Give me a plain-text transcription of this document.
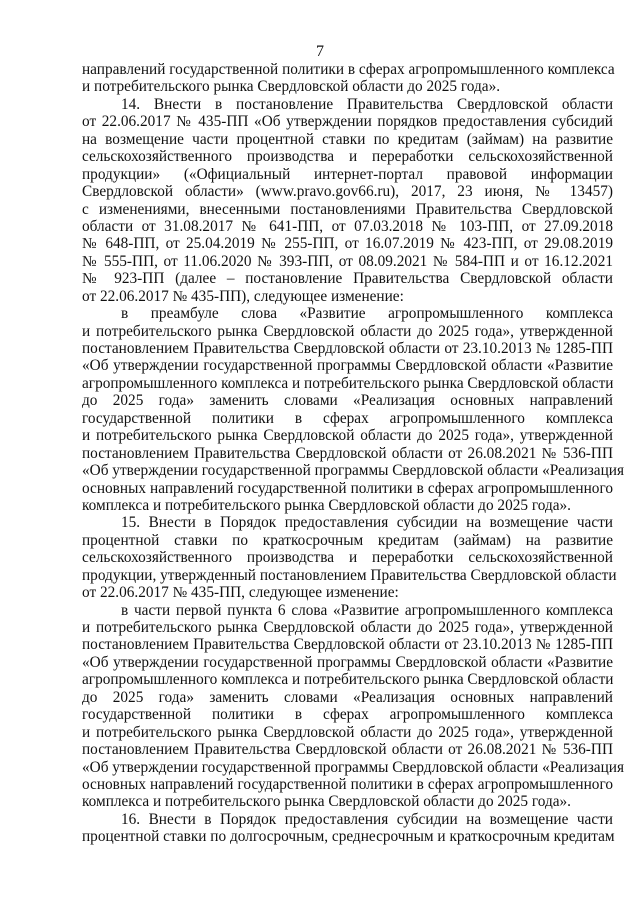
7
направлений государственной политики в сферах агропромышленного комплекса
и потребительского рынка Свердловской области до 2025 года».
14. Внести в постановление Правительства Свердловской области
от 22.06.2017 № 435-ПП «Об утверждении порядков предоставления субсидий
на возмещение части процентной ставки по кредитам (займам) на развитие
сельскохозяйственного производства и переработки сельскохозяйственной
продукции» («Официальный интернет-портал правовой информации
Свердловской области» (www.pravo.gov66.ru), 2017, 23 июня, № 13457)
с изменениями, внесенными постановлениями Правительства Свердловской
области от 31.08.2017 № 641-ПП, от 07.03.2018 № 103-ПП, от 27.09.2018
№ 648-ПП, от 25.04.2019 № 255-ПП, от 16.07.2019 № 423-ПП, от 29.08.2019
№ 555-ПП, от 11.06.2020 № 393-ПП, от 08.09.2021 № 584-ПП и от 16.12.2021
№ 923-ПП (далее – постановление Правительства Свердловской области
от 22.06.2017 № 435-ПП), следующее изменение:
в преамбуле слова «Развитие агропромышленного комплекса
и потребительского рынка Свердловской области до 2025 года», утвержденной
постановлением Правительства Свердловской области от 23.10.2013 № 1285-ПП
«Об утверждении государственной программы Свердловской области «Развитие
агропромышленного комплекса и потребительского рынка Свердловской области
до 2025 года» заменить словами «Реализация основных направлений
государственной политики в сферах агропромышленного комплекса
и потребительского рынка Свердловской области до 2025 года», утвержденной
постановлением Правительства Свердловской области от 26.08.2021 № 536-ПП
«Об утверждении государственной программы Свердловской области «Реализация
основных направлений государственной политики в сферах агропромышленного
комплекса и потребительского рынка Свердловской области до 2025 года».
15. Внести в Порядок предоставления субсидии на возмещение части
процентной ставки по краткосрочным кредитам (займам) на развитие
сельскохозяйственного производства и переработки сельскохозяйственной
продукции, утвержденный постановлением Правительства Свердловской области
от 22.06.2017 № 435-ПП, следующее изменение:
в части первой пункта 6 слова «Развитие агропромышленного комплекса
и потребительского рынка Свердловской области до 2025 года», утвержденной
постановлением Правительства Свердловской области от 23.10.2013 № 1285-ПП
«Об утверждении государственной программы Свердловской области «Развитие
агропромышленного комплекса и потребительского рынка Свердловской области
до 2025 года» заменить словами «Реализация основных направлений
государственной политики в сферах агропромышленного комплекса
и потребительского рынка Свердловской области до 2025 года», утвержденной
постановлением Правительства Свердловской области от 26.08.2021 № 536-ПП
«Об утверждении государственной программы Свердловской области «Реализация
основных направлений государственной политики в сферах агропромышленного
комплекса и потребительского рынка Свердловской области до 2025 года».
16. Внести в Порядок предоставления субсидии на возмещение части
процентной ставки по долгосрочным, среднесрочным и краткосрочным кредитам
